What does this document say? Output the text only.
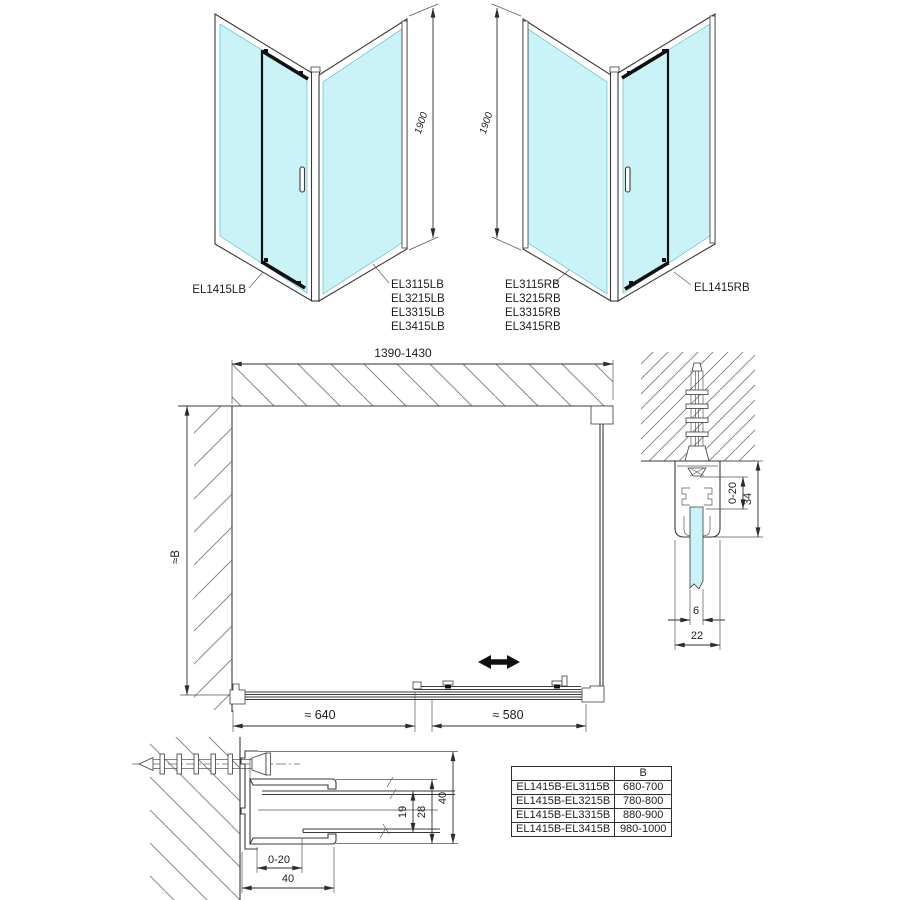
1900
EL1415LB	EL3115LB
EL3215LB
EL3315LB
EL3415LB
1900
EL3115RB
EL3215RB
EL3315RB
EL3415RB
EL1415RB
1390-1430
≈B
≈ 640	≈ 580
0-20 34
6
22
0-20
40
19 28
40
	B
EL1415B-EL3115B	680-700
EL1415B-EL3215B	780-800
EL1415B-EL3315B	880-900
EL1415B-EL3415B	980-1000
